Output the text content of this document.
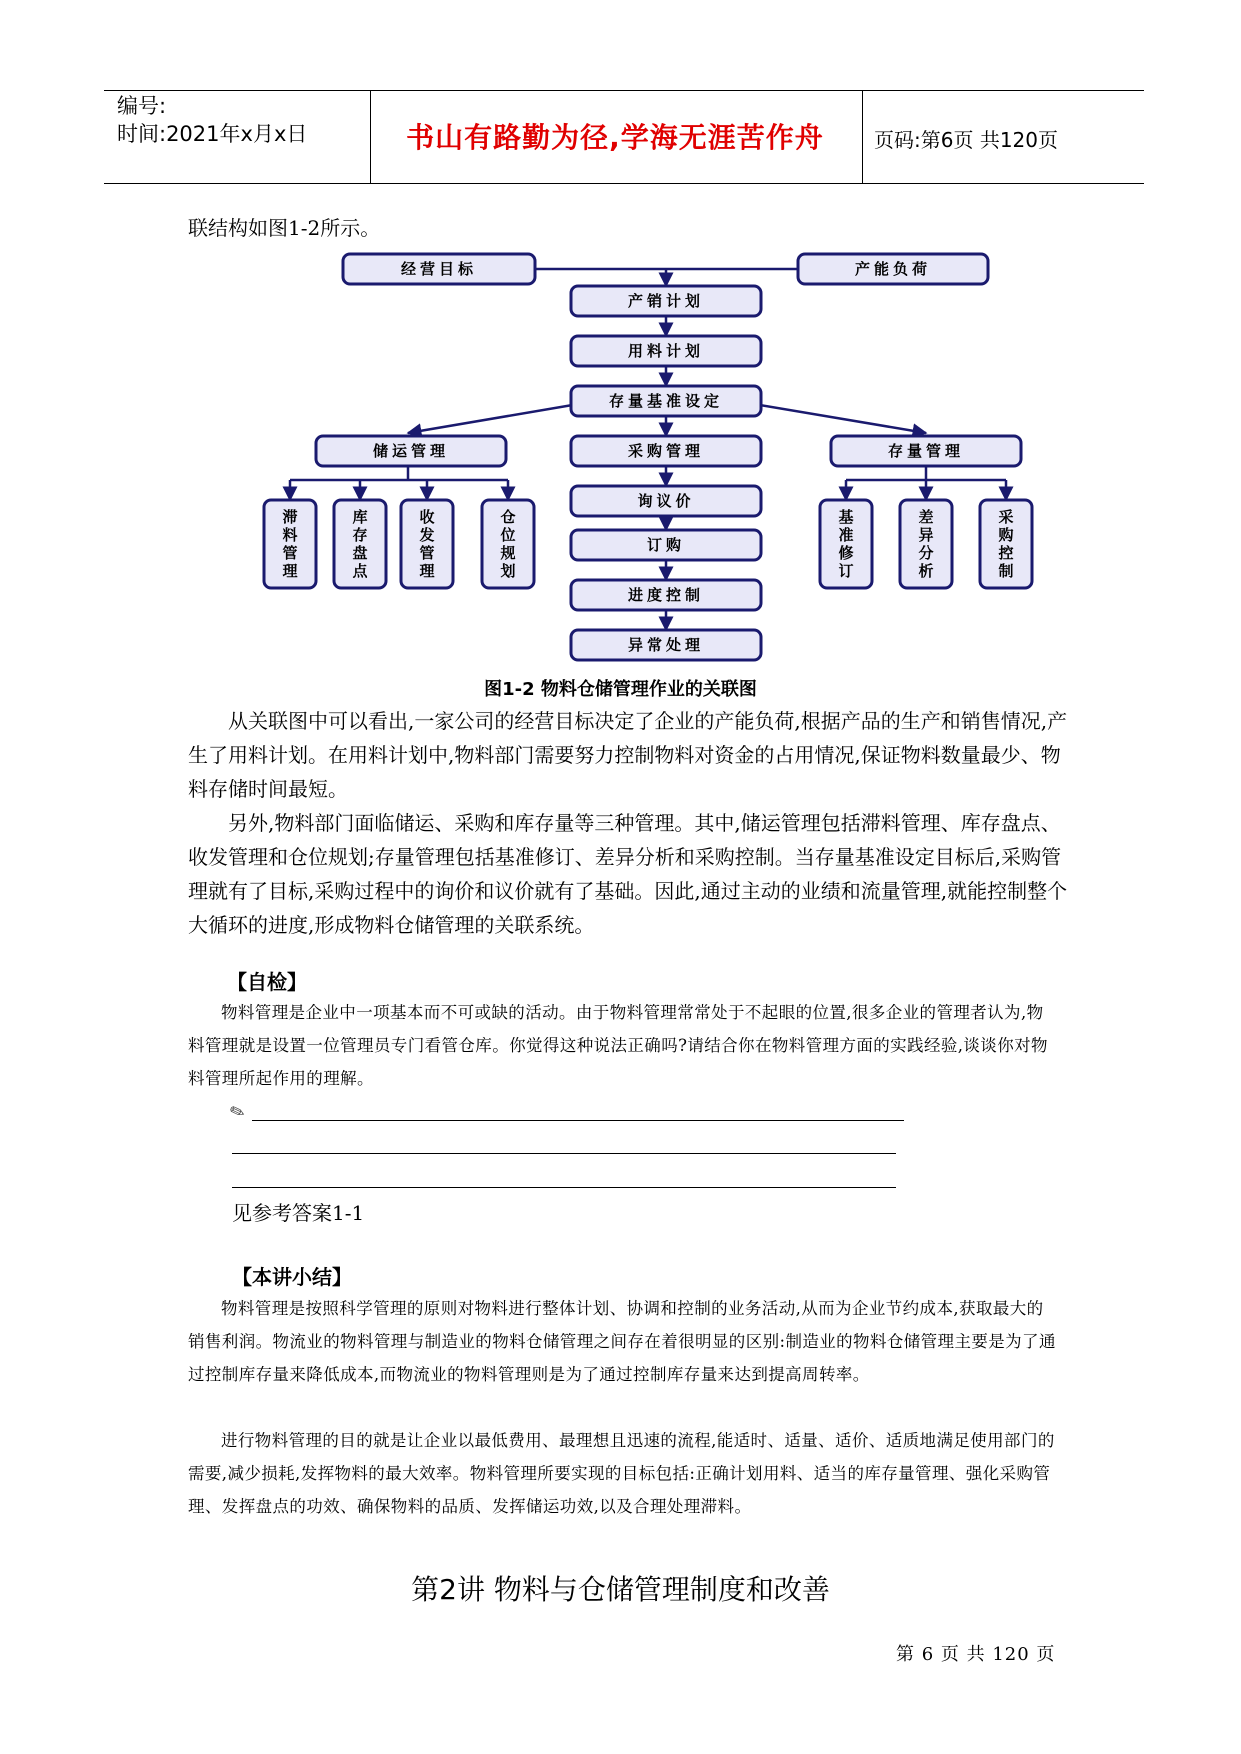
编号:
时间:2021年x月x日	书山有路勤为径,学海无涯苦作舟	页码:第6页 共120页
联结构如图1-2所示。
经营目标	产能负荷
产销计划
用料计划
存量基准设定
储运管理	采购管理	存量管理
询议价
订购
进度控制
异常处理
滞料管理
库存盘点
收发管理
仓位规划
基准修订
差异分析
采购控制
图1-2 物料仓储管理作业的关联图
从关联图中可以看出,一家公司的经营目标决定了企业的产能负荷,根据产品的生产和销售情况,产生了用料计划。在用料计划中,物料部门需要努力控制物料对资金的占用情况,保证物料数量最少、物料存储时间最短。
另外,物料部门面临储运、采购和库存量等三种管理。其中,储运管理包括滞料管理、库存盘点、收发管理和仓位规划;存量管理包括基准修订、差异分析和采购控制。当存量基准设定目标后,采购管理就有了目标,采购过程中的询价和议价就有了基础。因此,通过主动的业绩和流量管理,就能控制整个大循环的进度,形成物料仓储管理的关联系统。
【自检】
物料管理是企业中一项基本而不可或缺的活动。由于物料管理常常处于不起眼的位置,很多企业的管理者认为,物料管理就是设置一位管理员专门看管仓库。你觉得这种说法正确吗?请结合你在物料管理方面的实践经验,谈谈你对物料管理所起作用的理解。
✎
见参考答案1-1
【本讲小结】
物料管理是按照科学管理的原则对物料进行整体计划、协调和控制的业务活动,从而为企业节约成本,获取最大的销售利润。物流业的物料管理与制造业的物料仓储管理之间存在着很明显的区别:制造业的物料仓储管理主要是为了通过控制库存量来降低成本,而物流业的物料管理则是为了通过控制库存量来达到提高周转率。
进行物料管理的目的就是让企业以最低费用、最理想且迅速的流程,能适时、适量、适价、适质地满足使用部门的需要,减少损耗,发挥物料的最大效率。物料管理所要实现的目标包括:正确计划用料、适当的库存量管理、强化采购管理、发挥盘点的功效、确保物料的品质、发挥储运功效,以及合理处理滞料。
第2讲 物料与仓储管理制度和改善
第 6 页 共 120 页
